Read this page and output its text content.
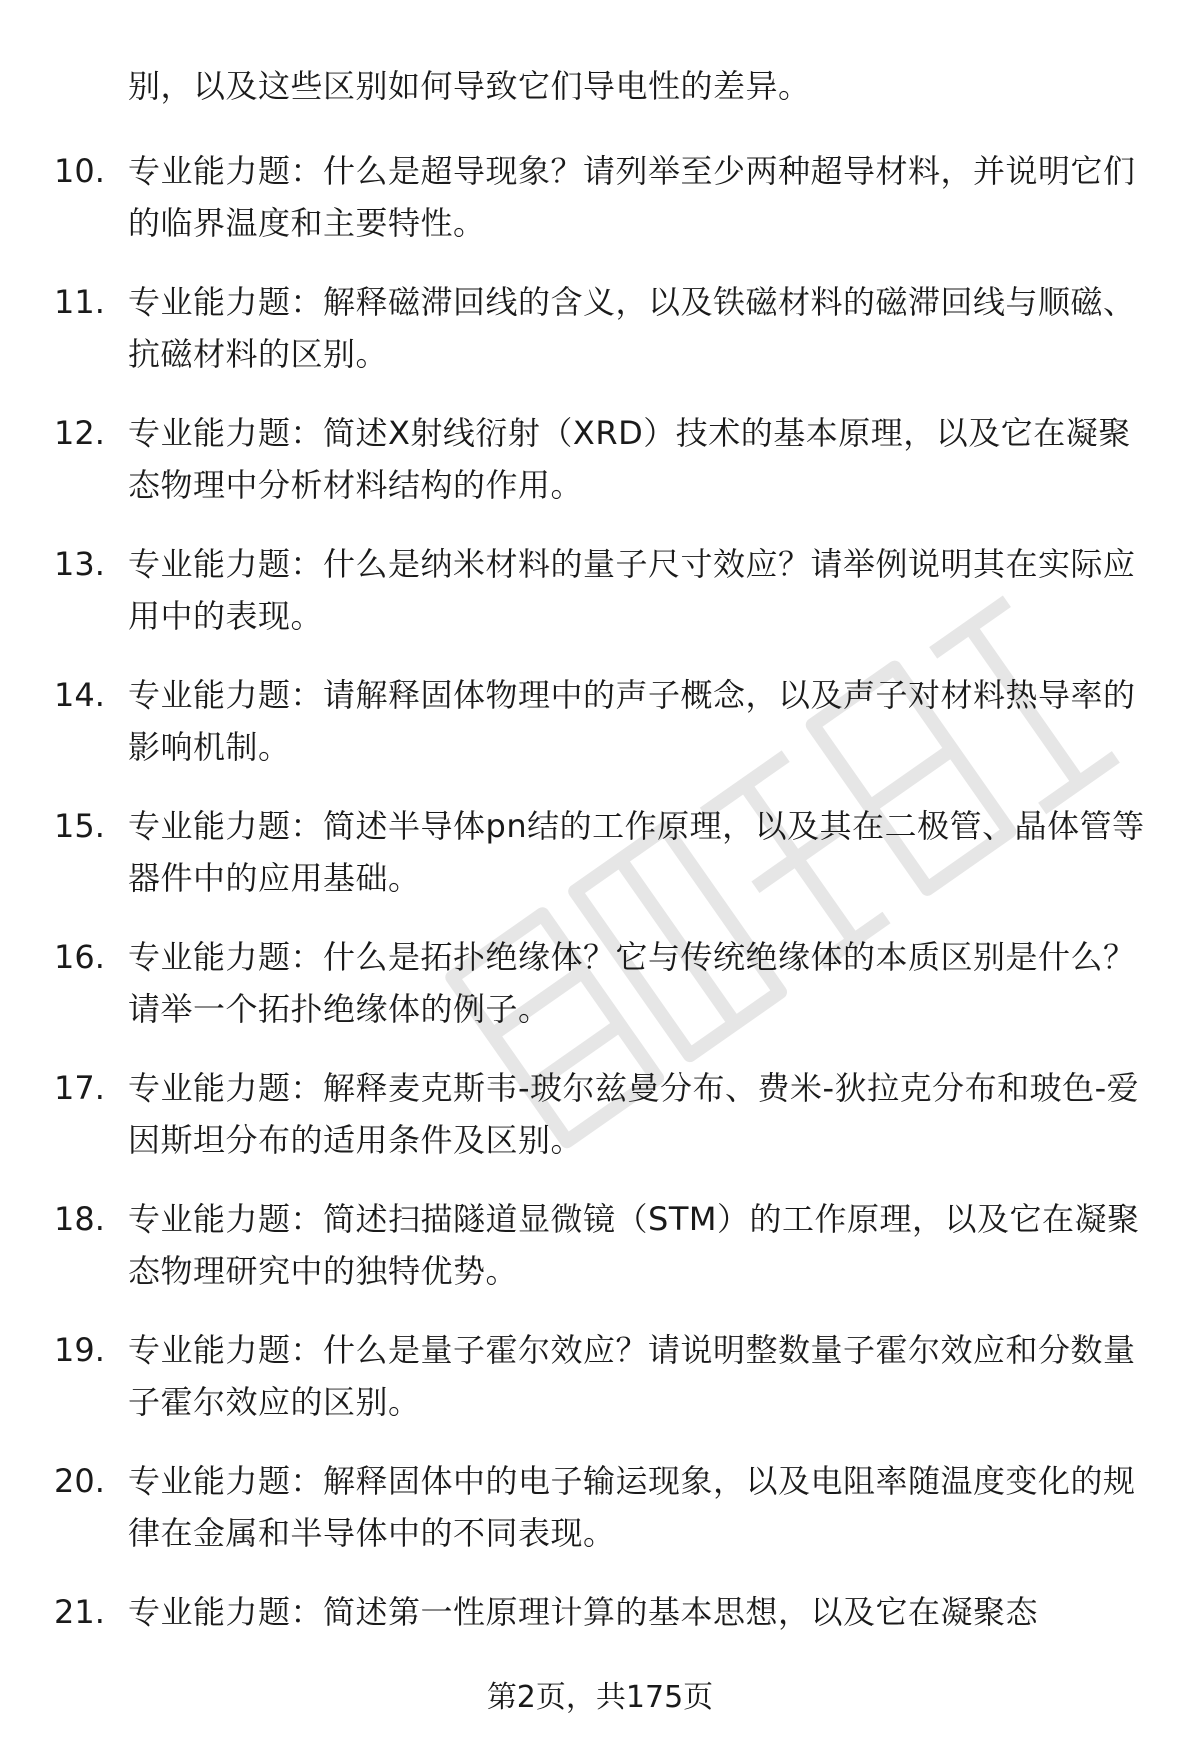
别，以及这些区别如何导致它们导电性的差异。
10. 专业能力题：什么是超导现象？请列举至少两种超导材料，并说明它们的临界温度和主要特性。
11. 专业能力题：解释磁滞回线的含义，以及铁磁材料的磁滞回线与顺磁、抗磁材料的区别。
12. 专业能力题：简述X射线衍射（XRD）技术的基本原理，以及它在凝聚态物理中分析材料结构的作用。
13. 专业能力题：什么是纳米材料的量子尺寸效应？请举例说明其在实际应用中的表现。
14. 专业能力题：请解释固体物理中的声子概念，以及声子对材料热导率的影响机制。
15. 专业能力题：简述半导体pn结的工作原理，以及其在二极管、晶体管等器件中的应用基础。
16. 专业能力题：什么是拓扑绝缘体？它与传统绝缘体的本质区别是什么？请举一个拓扑绝缘体的例子。
17. 专业能力题：解释麦克斯韦-玻尔兹曼分布、费米-狄拉克分布和玻色-爱因斯坦分布的适用条件及区别。
18. 专业能力题：简述扫描隧道显微镜（STM）的工作原理，以及它在凝聚态物理研究中的独特优势。
19. 专业能力题：什么是量子霍尔效应？请说明整数量子霍尔效应和分数量子霍尔效应的区别。
20. 专业能力题：解释固体中的电子输运现象，以及电阻率随温度变化的规律在金属和半导体中的不同表现。
21. 专业能力题：简述第一性原理计算的基本思想，以及它在凝聚态
第2页，共175页
